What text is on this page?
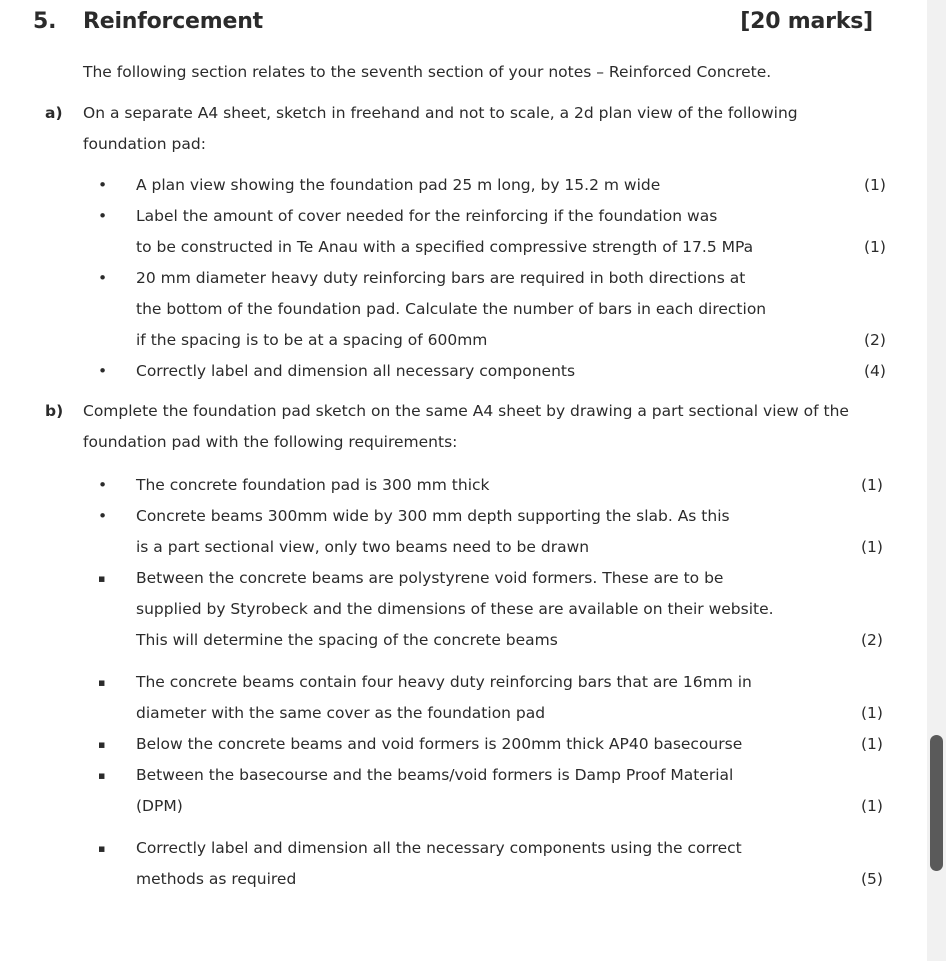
5. Reinforcement	[20 marks]

The following section relates to the seventh section of your notes – Reinforced Concrete.

a)	On a separate A4 sheet, sketch in freehand and not to scale, a 2d plan view of the following foundation pad:

• A plan view showing the foundation pad 25 m long, by 15.2 m wide	(1)
• Label the amount of cover needed for the reinforcing if the foundation was
to be constructed in Te Anau with a specified compressive strength of 17.5 MPa	(1)
• 20 mm diameter heavy duty reinforcing bars are required in both directions at
the bottom of the foundation pad. Calculate the number of bars in each direction
if the spacing is to be at a spacing of 600mm	(2)
• Correctly label and dimension all necessary components	(4)
b)	Complete the foundation pad sketch on the same A4 sheet by drawing a part sectional view of the foundation pad with the following requirements:

• The concrete foundation pad is 300 mm thick	(1)
• Concrete beams 300mm wide by 300 mm depth supporting the slab. As this
is a part sectional view, only two beams need to be drawn	(1)
▪ Between the concrete beams are polystyrene void formers. These are to be
supplied by Styrobeck and the dimensions of these are available on their website.
This will determine the spacing of the concrete beams	(2)
▪ The concrete beams contain four heavy duty reinforcing bars that are 16mm in
diameter with the same cover as the foundation pad	(1)
▪ Below the concrete beams and void formers is 200mm thick AP40 basecourse	(1)
▪ Between the basecourse and the beams/void formers is Damp Proof Material
(DPM)	(1)
▪ Correctly label and dimension all the necessary components using the correct
methods as required	(5)
